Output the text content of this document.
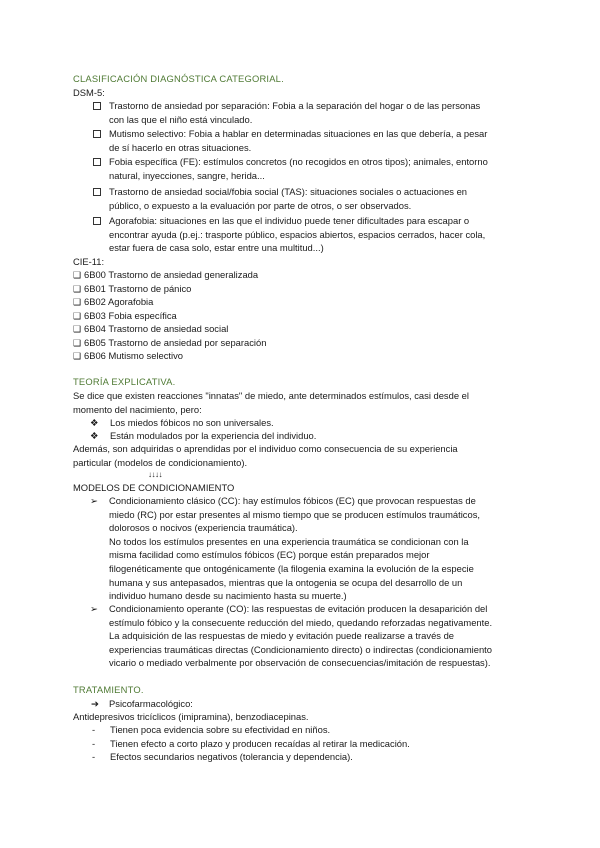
CLASIFICACIÓN DIAGNÓSTICA CATEGORIAL.
DSM-5:
Trastorno de ansiedad por separación: Fobia a la separación del hogar o de las personas
con las que el niño está vinculado.
Mutismo selectivo: Fobia a hablar en determinadas situaciones en las que debería, a pesar
de sí hacerlo en otras situaciones.
Fobia específica (FE): estímulos concretos (no recogidos en otros tipos); animales, entorno
natural, inyecciones, sangre, herida...
Trastorno de ansiedad social/fobia social (TAS): situaciones sociales o actuaciones en
público, o expuesto a la evaluación por parte de otros, o ser observados.
Agorafobia: situaciones en las que el individuo puede tener dificultades para escapar o
encontrar ayuda (p.ej.: trasporte público, espacios abiertos, espacios cerrados, hacer cola,
estar fuera de casa solo, estar entre una multitud...)
CIE-11:
❑ 6B00 Trastorno de ansiedad generalizada
❑ 6B01 Trastorno de pánico
❑ 6B02 Agorafobia
❑ 6B03 Fobia específica
❑ 6B04 Trastorno de ansiedad social
❑ 6B05 Trastorno de ansiedad por separación
❑ 6B06 Mutismo selectivo
TEORÍA EXPLICATIVA.
Se dice que existen reacciones "innatas" de miedo, ante determinados estímulos, casi desde el
momento del nacimiento, pero:
❖ Los miedos fóbicos no son universales.
❖ Están modulados por la experiencia del individuo.
Además, son adquiridas o aprendidas por el individuo como consecuencia de su experiencia
particular (modelos de condicionamiento).
↓↓↓↓
MODELOS DE CONDICIONAMIENTO
➢ Condicionamiento clásico (CC): hay estímulos fóbicos (EC) que provocan respuestas de
miedo (RC) por estar presentes al mismo tiempo que se producen estímulos traumáticos,
dolorosos o nocivos (experiencia traumática).
No todos los estímulos presentes en una experiencia traumática se condicionan con la
misma facilidad como estímulos fóbicos (EC) porque están preparados mejor
filogenéticamente que ontogénicamente (la filogenia examina la evolución de la especie
humana y sus antepasados, mientras que la ontogenia se ocupa del desarrollo de un
individuo humano desde su nacimiento hasta su muerte.)
➢ Condicionamiento operante (CO): las respuestas de evitación producen la desaparición del
estímulo fóbico y la consecuente reducción del miedo, quedando reforzadas negativamente.
La adquisición de las respuestas de miedo y evitación puede realizarse a través de
experiencias traumáticas directas (Condicionamiento directo) o indirectas (condicionamiento
vicario o mediado verbalmente por observación de consecuencias/imitación de respuestas).
TRATAMIENTO.
➔ Psicofarmacológico:
Antidepresivos tricíclicos (imipramina), benzodiacepinas.
- Tienen poca evidencia sobre su efectividad en niños.
- Tienen efecto a corto plazo y producen recaídas al retirar la medicación.
- Efectos secundarios negativos (tolerancia y dependencia).
